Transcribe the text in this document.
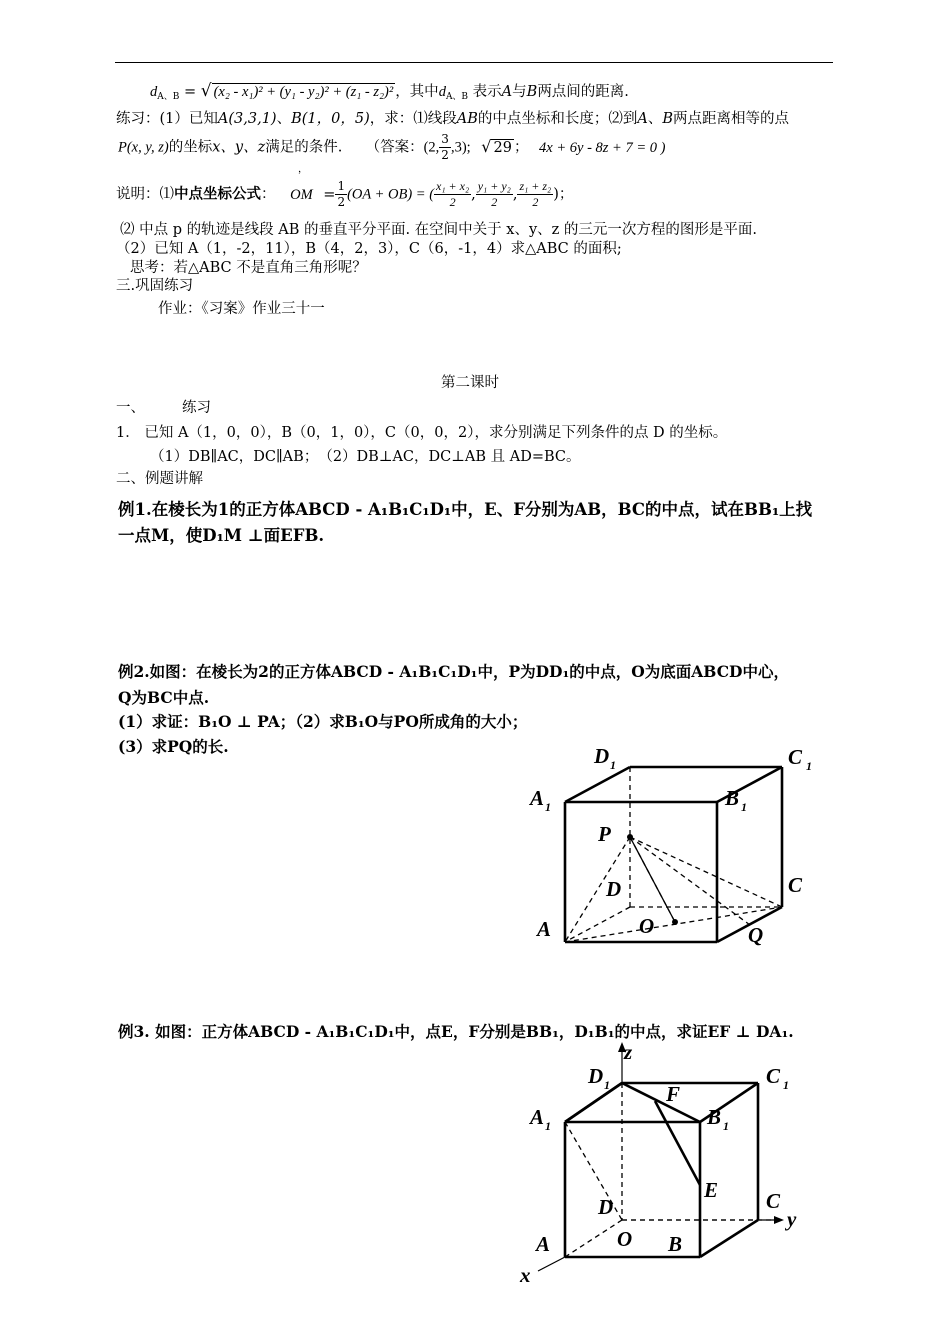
$d_{A、B}$ = √ (x₂ - x₁)² + (y₁ - y₂)² + (z₁ - z₂)² ，其中$d_{A、B}$ 表示A与B两点间的距离.
练习：(1）已知A(3,3,1)、B(1，0，5)，求：⑴线段AB的中点坐标和长度；⑵到A、B两点距离相等的点
P(x, y, z)的坐标x、y、z满足的条件. （答案：(2, $\frac{3}{2} ,3$); √ 29 ； 4x + 6y - 8z + 7 = 0 )
，
说明：⑴中点坐标公式： OM = $\frac{1}{2} (OA + OB)$ = ( $\frac{\text{x₁ + x₂}}{2}$ , $\frac{\text{y₁ + y₂}}{2}$ , $\frac{\text{z₁ + z₂}}{2}$ )；
⑵ 中点 p 的轨迹是线段 AB 的垂直平分平面. 在空间中关于 x、y、z 的三元一次方程的图形是平面.
（2）已知 A（1，-2，11），B（4，2，3），C（6，-1，4）求△ABC 的面积;
思考：若△ABC 不是直角三角形呢？
三.巩固练习
作业：《习案》作业三十一
第二课时
一、	练习
1． 已知 A（1，0，0），B（0，1，0），C（0，0，2），求分别满足下列条件的点 D 的坐标。
（1）DB∥AC，DC∥AB；　（2）DB⊥AC，DC⊥AB 且 AD=BC。
二、例题讲解
例1.在棱长为1的正方体ABCD - A₁B₁C₁D₁中，E、F分别为AB，BC的中点，试在BB₁上找
一点M，使D₁M ⊥面EFB.
例2.如图：在棱长为2的正方体ABCD - A₁B₁C₁D₁中，P为DD₁的中点，O为底面ABCD中心，
Q为BC中点.
(1）求证：B₁O ⊥ PA；（2）求B₁O与PO所成角的大小；
(3）求PQ的长.	D 1	C 1
A 1	B 1
P
D	C
A	O	Q
例3. 如图：正方体ABCD - A₁B₁C₁D₁中，点E，F分别是BB₁，D₁B₁的中点，求证EF ⊥ DA₁.
z
D 1	C 1
F
A 1	B 1
E
D	C
y
A	O B
x
